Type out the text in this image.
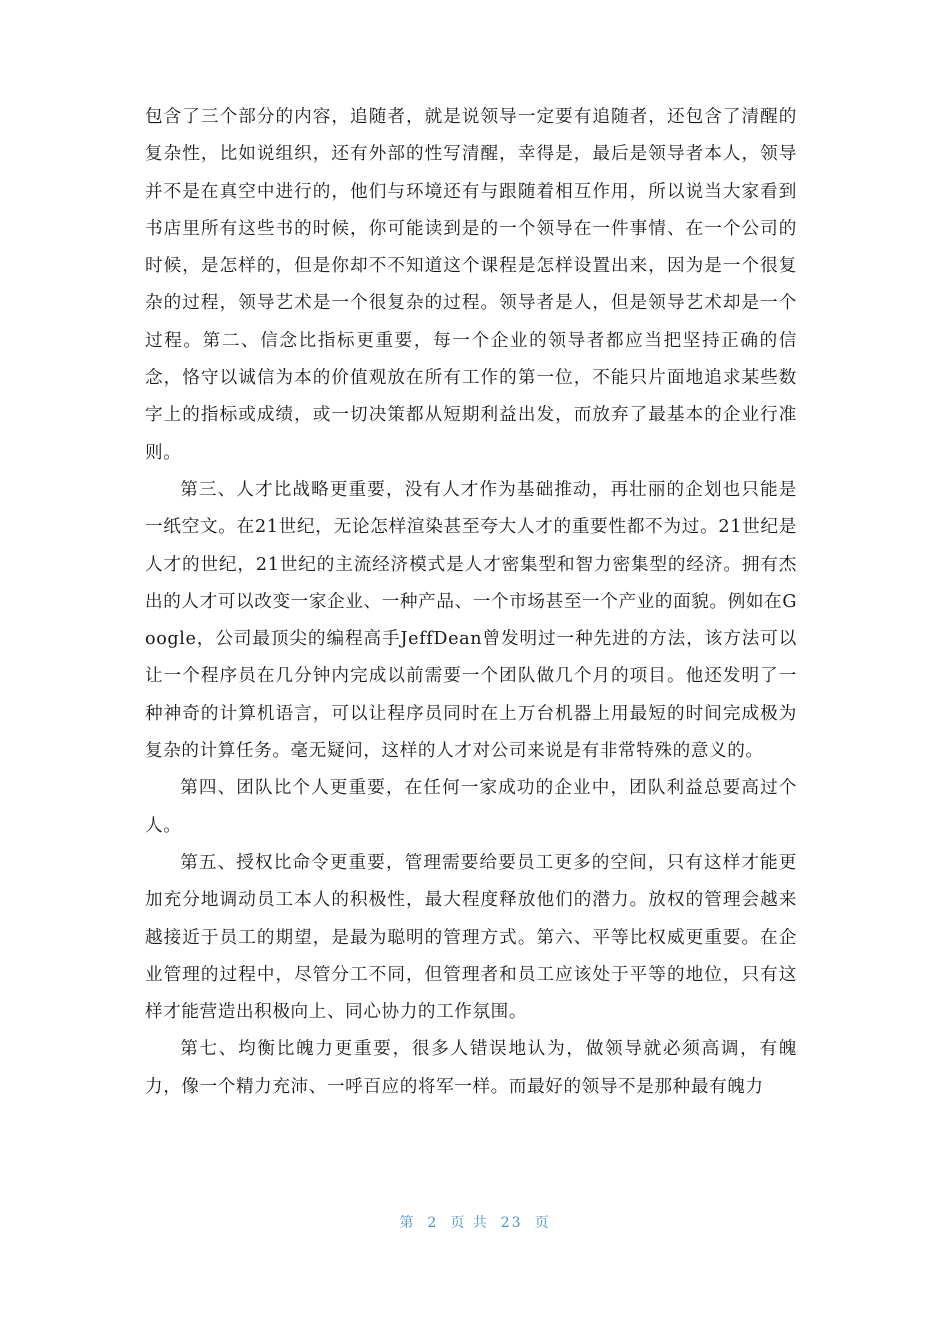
包含了三个部分的内容，追随者，就是说领导一定要有追随者，还包含了清醒的复杂性，比如说组织，还有外部的性写清醒，幸得是，最后是领导者本人，领导并不是在真空中进行的，他们与环境还有与跟随着相互作用，所以说当大家看到书店里所有这些书的时候，你可能读到是的一个领导在一件事情、在一个公司的时候，是怎样的，但是你却不不知道这个课程是怎样设置出来，因为是一个很复杂的过程，领导艺术是一个很复杂的过程。领导者是人，但是领导艺术却是一个过程。第二、信念比指标更重要，每一个企业的领导者都应当把坚持正确的信念，恪守以诚信为本的价值观放在所有工作的第一位，不能只片面地追求某些数字上的指标或成绩，或一切决策都从短期利益出发，而放弃了最基本的企业行准则。

第三、人才比战略更重要，没有人才作为基础推动，再壮丽的企划也只能是一纸空文。在21世纪，无论怎样渲染甚至夸大人才的重要性都不为过。21世纪是人才的世纪，21世纪的主流经济模式是人才密集型和智力密集型的经济。拥有杰出的人才可以改变一家企业、一种产品、一个市场甚至一个产业的面貌。例如在Google，公司最顶尖的编程高手JeffDean曾发明过一种先进的方法，该方法可以让一个程序员在几分钟内完成以前需要一个团队做几个月的项目。他还发明了一种神奇的计算机语言，可以让程序员同时在上万台机器上用最短的时间完成极为复杂的计算任务。毫无疑问，这样的人才对公司来说是有非常特殊的意义的。

第四、团队比个人更重要，在任何一家成功的企业中，团队利益总要高过个人。

第五、授权比命令更重要，管理需要给要员工更多的空间，只有这样才能更加充分地调动员工本人的积极性，最大程度释放他们的潜力。放权的管理会越来越接近于员工的期望，是最为聪明的管理方式。第六、平等比权威更重要。在企业管理的过程中，尽管分工不同，但管理者和员工应该处于平等的地位，只有这样才能营造出积极向上、同心协力的工作氛围。

第七、均衡比魄力更重要，很多人错误地认为，做领导就必须高调，有魄力，像一个精力充沛、一呼百应的将军一样。而最好的领导不是那种最有魄力

第 2 页 共 23 页
